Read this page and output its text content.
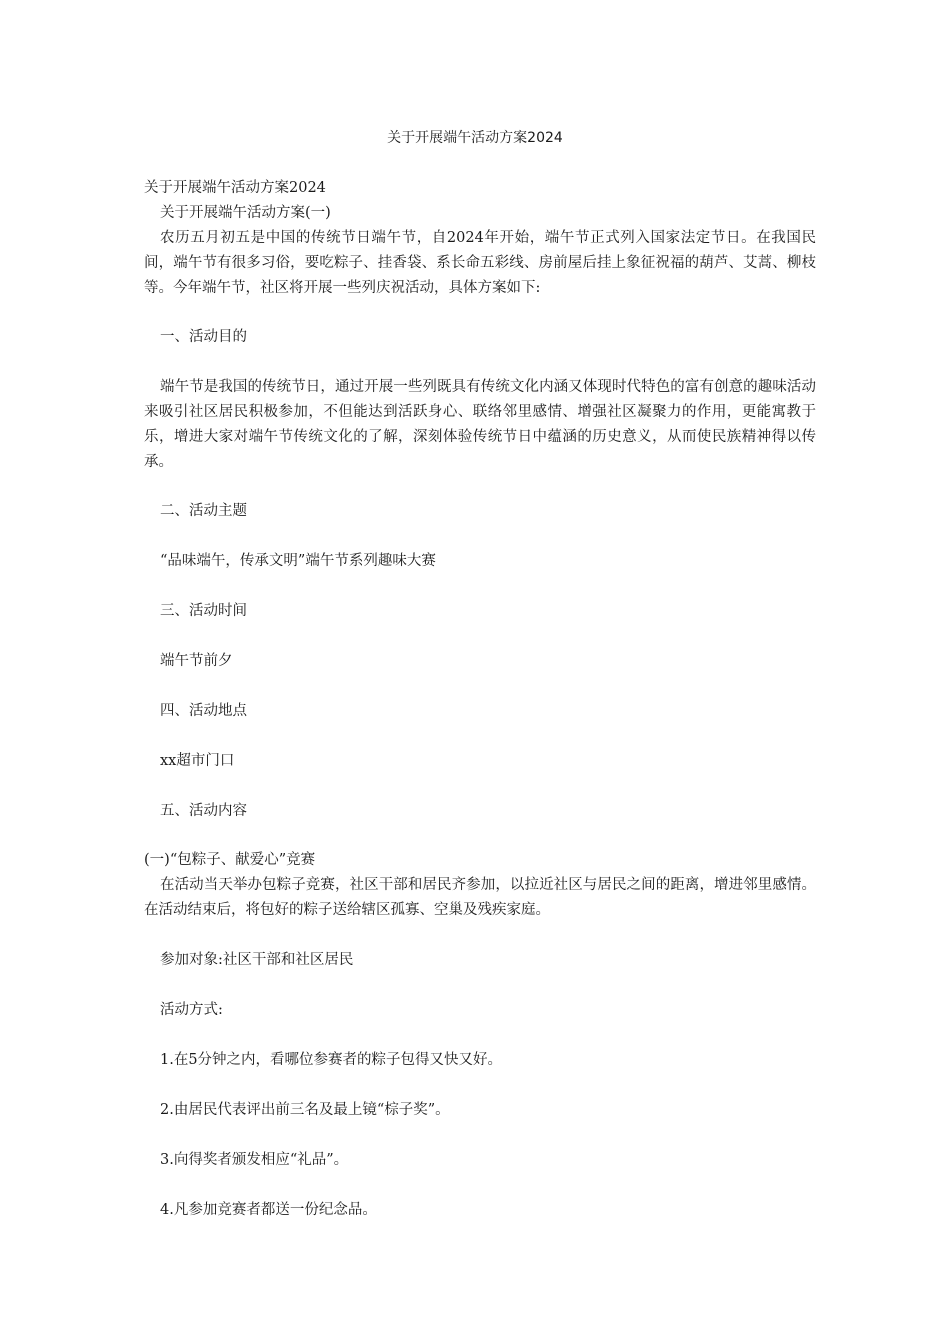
关于开展端午活动方案2024
关于开展端午活动方案2024
关于开展端午活动方案(一)
农历五月初五是中国的传统节日端午节，自2024年开始，端午节正式列入国家法定节日。在我国民间，端午节有很多习俗，要吃粽子、挂香袋、系长命五彩线、房前屋后挂上象征祝福的葫芦、艾蒿、柳枝等。今年端午节，社区将开展一些列庆祝活动，具体方案如下:
一、活动目的
端午节是我国的传统节日，通过开展一些列既具有传统文化内涵又体现时代特色的富有创意的趣味活动来吸引社区居民积极参加，不但能达到活跃身心、联络邻里感情、增强社区凝聚力的作用，更能寓教于乐，增进大家对端午节传统文化的了解，深刻体验传统节日中蕴涵的历史意义，从而使民族精神得以传承。
二、活动主题
“品味端午，传承文明”端午节系列趣味大赛
三、活动时间
端午节前夕
四、活动地点
xx超市门口
五、活动内容
(一)“包粽子、献爱心”竞赛
在活动当天举办包粽子竞赛，社区干部和居民齐参加，以拉近社区与居民之间的距离，增进邻里感情。在活动结束后，将包好的粽子送给辖区孤寡、空巢及残疾家庭。
参加对象:社区干部和社区居民
活动方式:
1.在5分钟之内，看哪位参赛者的粽子包得又快又好。
2.由居民代表评出前三名及最上镜“棕子奖”。
3.向得奖者颁发相应“礼品”。
4.凡参加竞赛者都送一份纪念品。
